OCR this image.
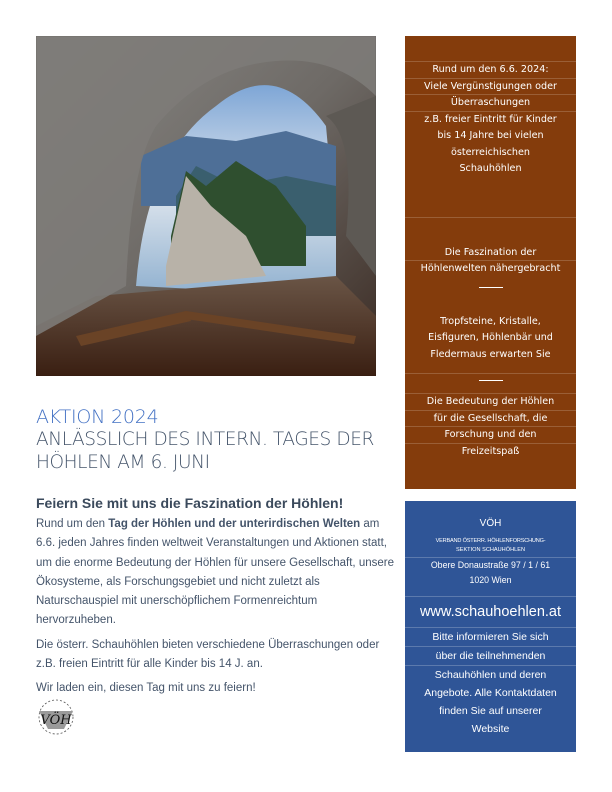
Rund um den 6.6. 2024:
Viele Vergünstigungen oder
Überraschungen
z.B. freier Eintritt für Kinder
bis 14 Jahre bei vielen
österreichischen
Schauhöhlen
Die Faszination der
Höhlenwelten nähergebracht
Tropfsteine, Kristalle,
Eisfiguren, Höhlenbär und
Fledermaus erwarten Sie
Die Bedeutung der Höhlen
für die Gesellschaft, die
Forschung und den
Freizeitspaß
VÖH
VERBAND ÖSTERR. HÖHLENFORSCHUNG-
SEKTION SCHAUHÖHLEN
Obere Donaustraße 97 / 1 / 61
1020 Wien
www.schauhoehlen.at
Bitte informieren Sie sich
über die teilnehmenden
Schauhöhlen und deren
Angebote. Alle Kontaktdaten
finden Sie auf unserer
Website
AKTION 2024
ANLÄSSLICH DES INTERN. TAGES DER HÖHLEN AM 6. JUNI
Feiern Sie mit uns die Faszination der Höhlen!

Rund um den Tag der Höhlen und der unterirdischen Welten am 6.6. jeden Jahres finden weltweit Veranstaltungen und Aktionen statt, um die enorme Bedeutung der Höhlen für unsere Gesellschaft, unsere Ökosysteme, als Forschungsgebiet und nicht zuletzt als Naturschauspiel mit unerschöpflichem Formenreichtum hervorzuheben.

Die österr. Schauhöhlen bieten verschiedene Überraschungen oder z.B. freien Eintritt für alle Kinder bis 14 J. an.

Wir laden ein, diesen Tag mit uns zu feiern!

VÖH
